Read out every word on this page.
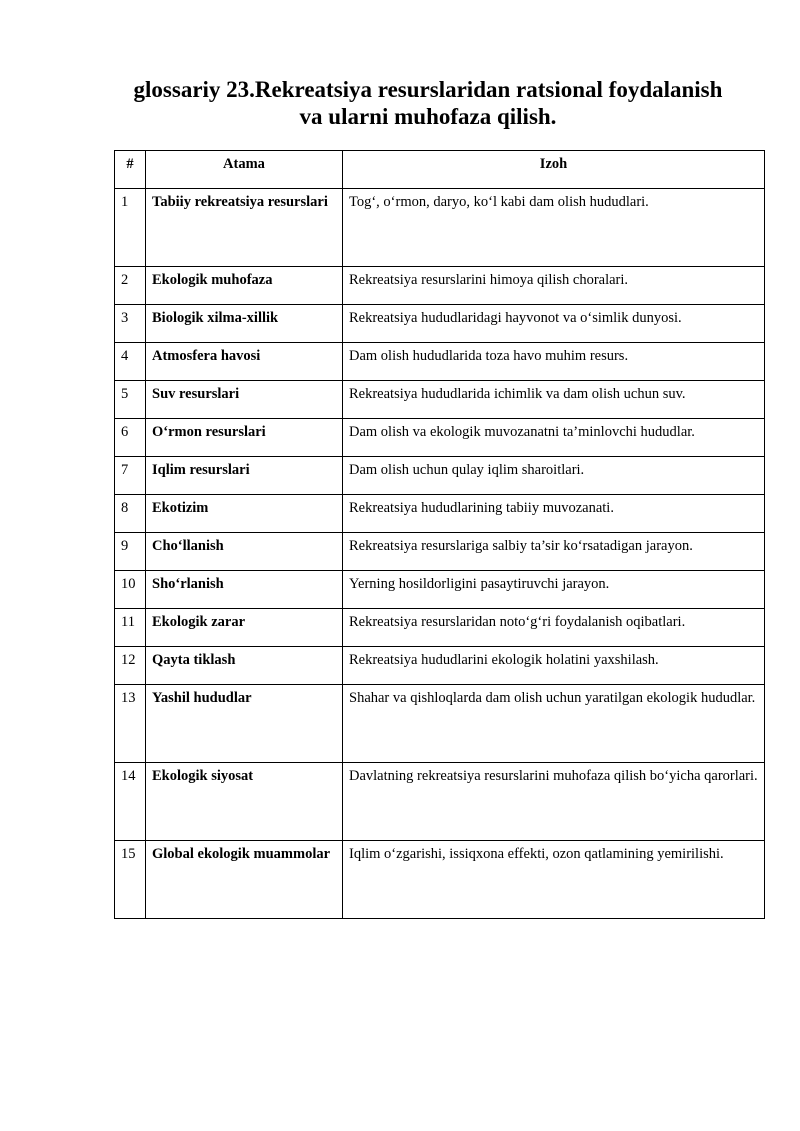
glossariy 23.Rekreatsiya resurslaridan ratsional foydalanish
va ularni muhofaza qilish.
#	Atama	Izoh
1	Tabiiy rekreatsiya resurslari	Tog‘, o‘rmon, daryo, ko‘l kabi dam olish hududlari.
2	Ekologik muhofaza	Rekreatsiya resurslarini himoya qilish choralari.
3	Biologik xilma-xillik	Rekreatsiya hududlaridagi hayvonot va o‘simlik dunyosi.
4	Atmosfera havosi	Dam olish hududlarida toza havo muhim resurs.
5	Suv resurslari	Rekreatsiya hududlarida ichimlik va dam olish uchun suv.
6	O‘rmon resurslari	Dam olish va ekologik muvozanatni ta’minlovchi hududlar.
7	Iqlim resurslari	Dam olish uchun qulay iqlim sharoitlari.
8	Ekotizim	Rekreatsiya hududlarining tabiiy muvozanati.
9	Cho‘llanish	Rekreatsiya resurslariga salbiy ta’sir ko‘rsatadigan jarayon.
10	Sho‘rlanish	Yerning hosildorligini pasaytiruvchi jarayon.
11	Ekologik zarar	Rekreatsiya resurslaridan noto‘g‘ri foydalanish oqibatlari.
12	Qayta tiklash	Rekreatsiya hududlarini ekologik holatini yaxshilash.
13	Yashil hududlar	Shahar va qishloqlarda dam olish uchun yaratilgan ekologik hududlar.
14	Ekologik siyosat	Davlatning rekreatsiya resurslarini muhofaza qilish bo‘yicha qarorlari.
15	Global ekologik muammolar	Iqlim o‘zgarishi, issiqxona effekti, ozon qatlamining yemirilishi.
